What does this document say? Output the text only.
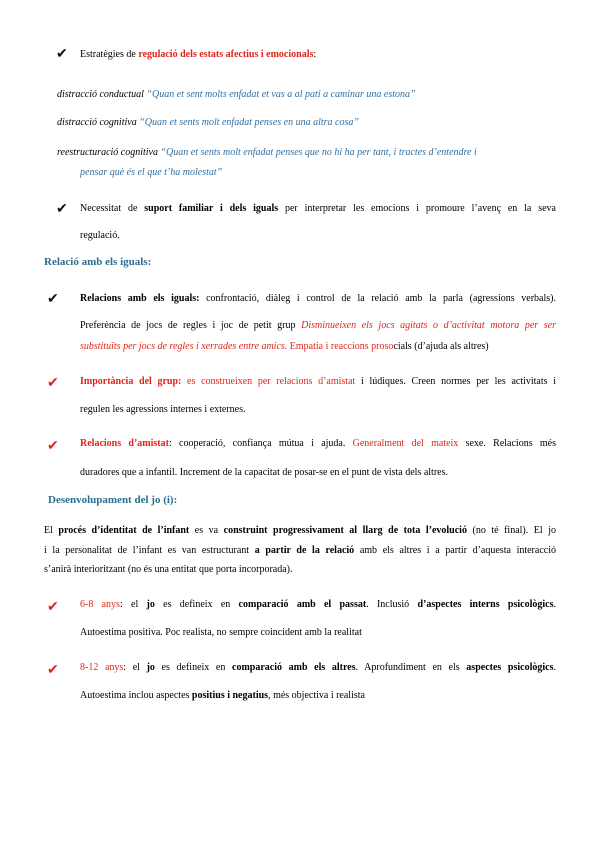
✔ Estratègies de regulació dels estats afectius i emocionals:
distracció conductual “Quan et sent molts enfadat et vas a al pati a caminar una estona”
distracció cognitiva “Quan et sents molt enfadat penses en una altra cosa”
reestructuració cognitiva “Quan et sents molt enfadat penses que no hi ha per tant, i tractes d’entendre i
pensar què és el que t’ha molestat”
✔ Necessitat de suport familiar i dels iguals per interpretar les emocions i promoure l’avenç en la seva
regulació.
Relació amb els iguals:
✔ Relacions amb els iguals: confrontació, diàleg i control de la relació amb la parla (agressions verbals).
Preferència de jocs de regles i joc de petit grup Disminueixen els jocs agitats o d’activitat motora per ser
substituïts per jocs de regles i xerrades entre amics. Empatia i reaccions prosocials (d’ajuda als altres)
✔ Importància del grup: es construeixen per relacions d’amistat i lúdiques. Creen normes per les activitats i
regulen les agressions internes i externes.
✔ Relacions d’amistat: cooperació, confiança mútua i ajuda. Generalment del mateix sexe. Relacions més
duradores que a infantil. Increment de la capacitat de posar-se en el punt de vista dels altres.
Desenvolupament del jo (i):
El procés d’identitat de l’infant es va construint progressivament al llarg de tota l’evolució (no té final). El jo
i la personalitat de l’infant es van estructurant a partir de la relació amb els altres i a partir d’aquesta interacció
s’anirà interioritzant (no és una entitat que porta incorporada).
✔ 6-8 anys: el jo es defineix en comparació amb el passat. Inclusió d’aspectes interns psicològics.
Autoestima positiva. Poc realista, no sempre coincident amb la realitat
✔ 8-12 anys: el jo es defineix en comparació amb els altres. Aprofundiment en els aspectes psicològics.
Autoestima inclou aspectes positius i negatius, més objectiva i realista
